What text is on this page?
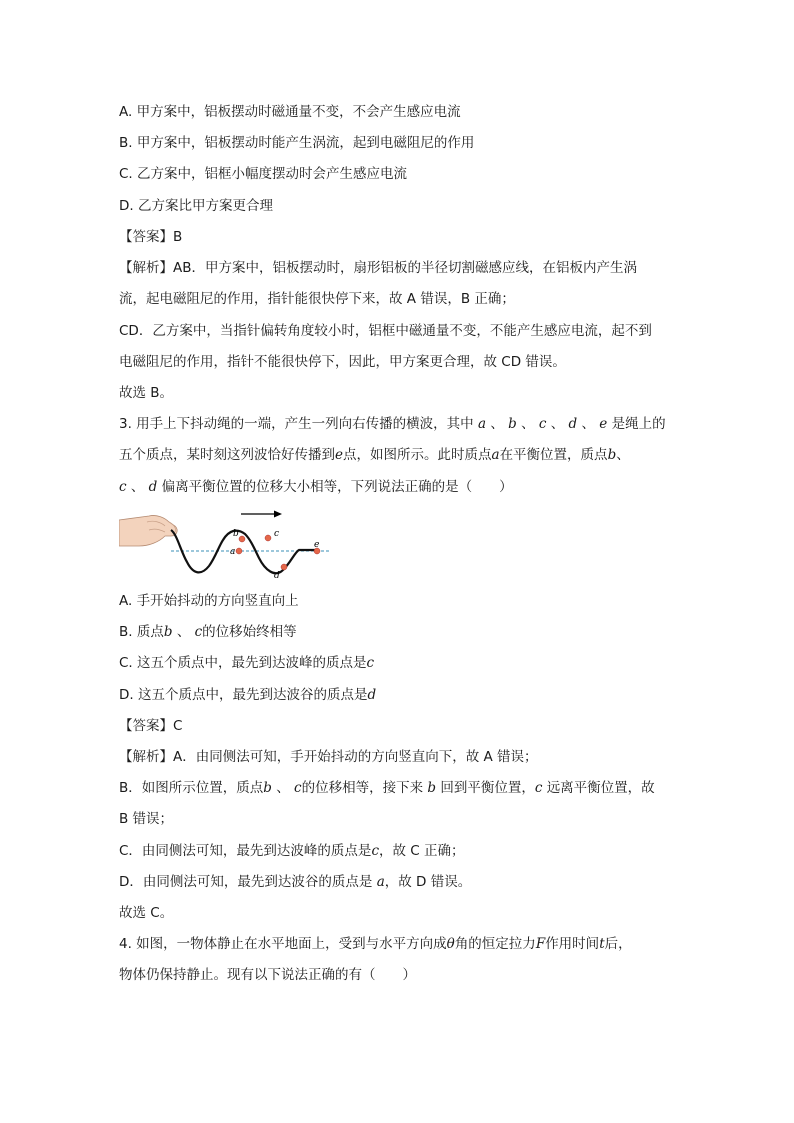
A. 甲方案中，铝板摆动时磁通量不变，不会产生感应电流
B. 甲方案中，铝板摆动时能产生涡流，起到电磁阻尼的作用
C. 乙方案中，铝框小幅度摆动时会产生感应电流
D. 乙方案比甲方案更合理
【答案】B
【解析】AB．甲方案中，铝板摆动时，扇形铝板的半径切割磁感应线，在铝板内产生涡
流，起电磁阻尼的作用，指针能很快停下来，故 A 错误，B 正确；
CD．乙方案中，当指针偏转角度较小时，铝框中磁通量不变，不能产生感应电流，起不到
电磁阻尼的作用，指针不能很快停下，因此，甲方案更合理，故 CD 错误。
故选 B。
3. 用手上下抖动绳的一端，产生一列向右传播的横波，其中 a 、 b 、 c 、 d 、 e 是绳上的
五个质点，某时刻这列波恰好传播到e点，如图所示。此时质点a在平衡位置，质点b、
c 、 d 偏离平衡位置的位移大小相等，下列说法正确的是（　　）
a
b	c
d
e
A. 手开始抖动的方向竖直向上
B. 质点b 、 c的位移始终相等
C. 这五个质点中，最先到达波峰的质点是c
D. 这五个质点中，最先到达波谷的质点是d
【答案】C
【解析】A．由同侧法可知，手开始抖动的方向竖直向下，故 A 错误；
B．如图所示位置，质点b 、 c的位移相等，接下来 b 回到平衡位置，c 远离平衡位置，故
B 错误；
C．由同侧法可知，最先到达波峰的质点是c，故 C 正确；
D．由同侧法可知，最先到达波谷的质点是 a，故 D 错误。
故选 C。
4. 如图，一物体静止在水平地面上，受到与水平方向成θ角的恒定拉力F作用时间t后，
物体仍保持静止。现有以下说法正确的有（　　）
